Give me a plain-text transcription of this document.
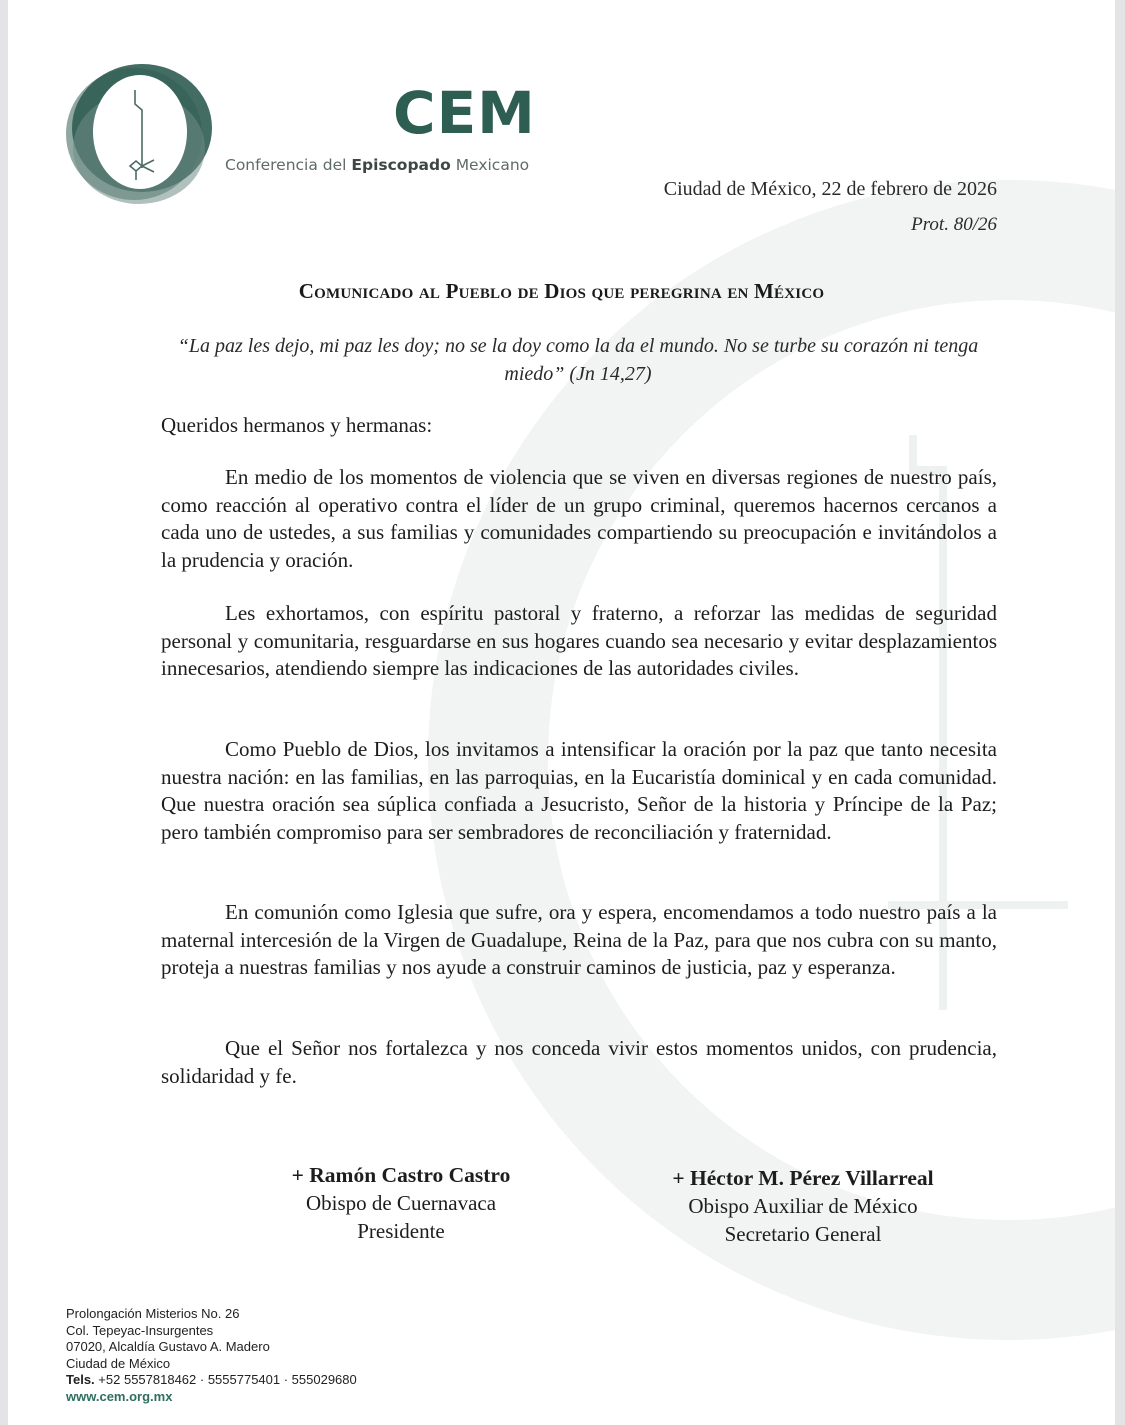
CEM
Conferencia del Episcopado Mexicano
Ciudad de México, 22 de febrero de 2026
Prot. 80/26
Comunicado al Pueblo de Dios que peregrina en México
“La paz les dejo, mi paz les doy; no se la doy como la da el mundo. No se turbe su corazón ni tenga miedo” (Jn 14,27)
Queridos hermanos y hermanas:

En medio de los momentos de violencia que se viven en diversas regiones de nuestro país, como reacción al operativo contra el líder de un grupo criminal, queremos hacernos cercanos a cada uno de ustedes, a sus familias y comunidades compartiendo su preocupación e invitándolos a la prudencia y oración.

Les exhortamos, con espíritu pastoral y fraterno, a reforzar las medidas de seguridad personal y comunitaria, resguardarse en sus hogares cuando sea necesario y evitar desplazamientos innecesarios, atendiendo siempre las indicaciones de las autoridades civiles.

Como Pueblo de Dios, los invitamos a intensificar la oración por la paz que tanto necesita nuestra nación: en las familias, en las parroquias, en la Eucaristía dominical y en cada comunidad. Que nuestra oración sea súplica confiada a Jesucristo, Señor de la historia y Príncipe de la Paz; pero también compromiso para ser sembradores de reconciliación y fraternidad.

En comunión como Iglesia que sufre, ora y espera, encomendamos a todo nuestro país a la maternal intercesión de la Virgen de Guadalupe, Reina de la Paz, para que nos cubra con su manto, proteja a nuestras familias y nos ayude a construir caminos de justicia, paz y esperanza.

Que el Señor nos fortalezca y nos conceda vivir estos momentos unidos, con prudencia, solidaridad y fe.

+ Ramón Castro Castro
Obispo de Cuernavaca
Presidente
+ Héctor M. Pérez Villarreal
Obispo Auxiliar de México
Secretario General
Prolongación Misterios No. 26
Col. Tepeyac-Insurgentes
07020, Alcaldía Gustavo A. Madero
Ciudad de México
Tels. +52 5557818462 · 5555775401 · 555029680
www.cem.org.mx
